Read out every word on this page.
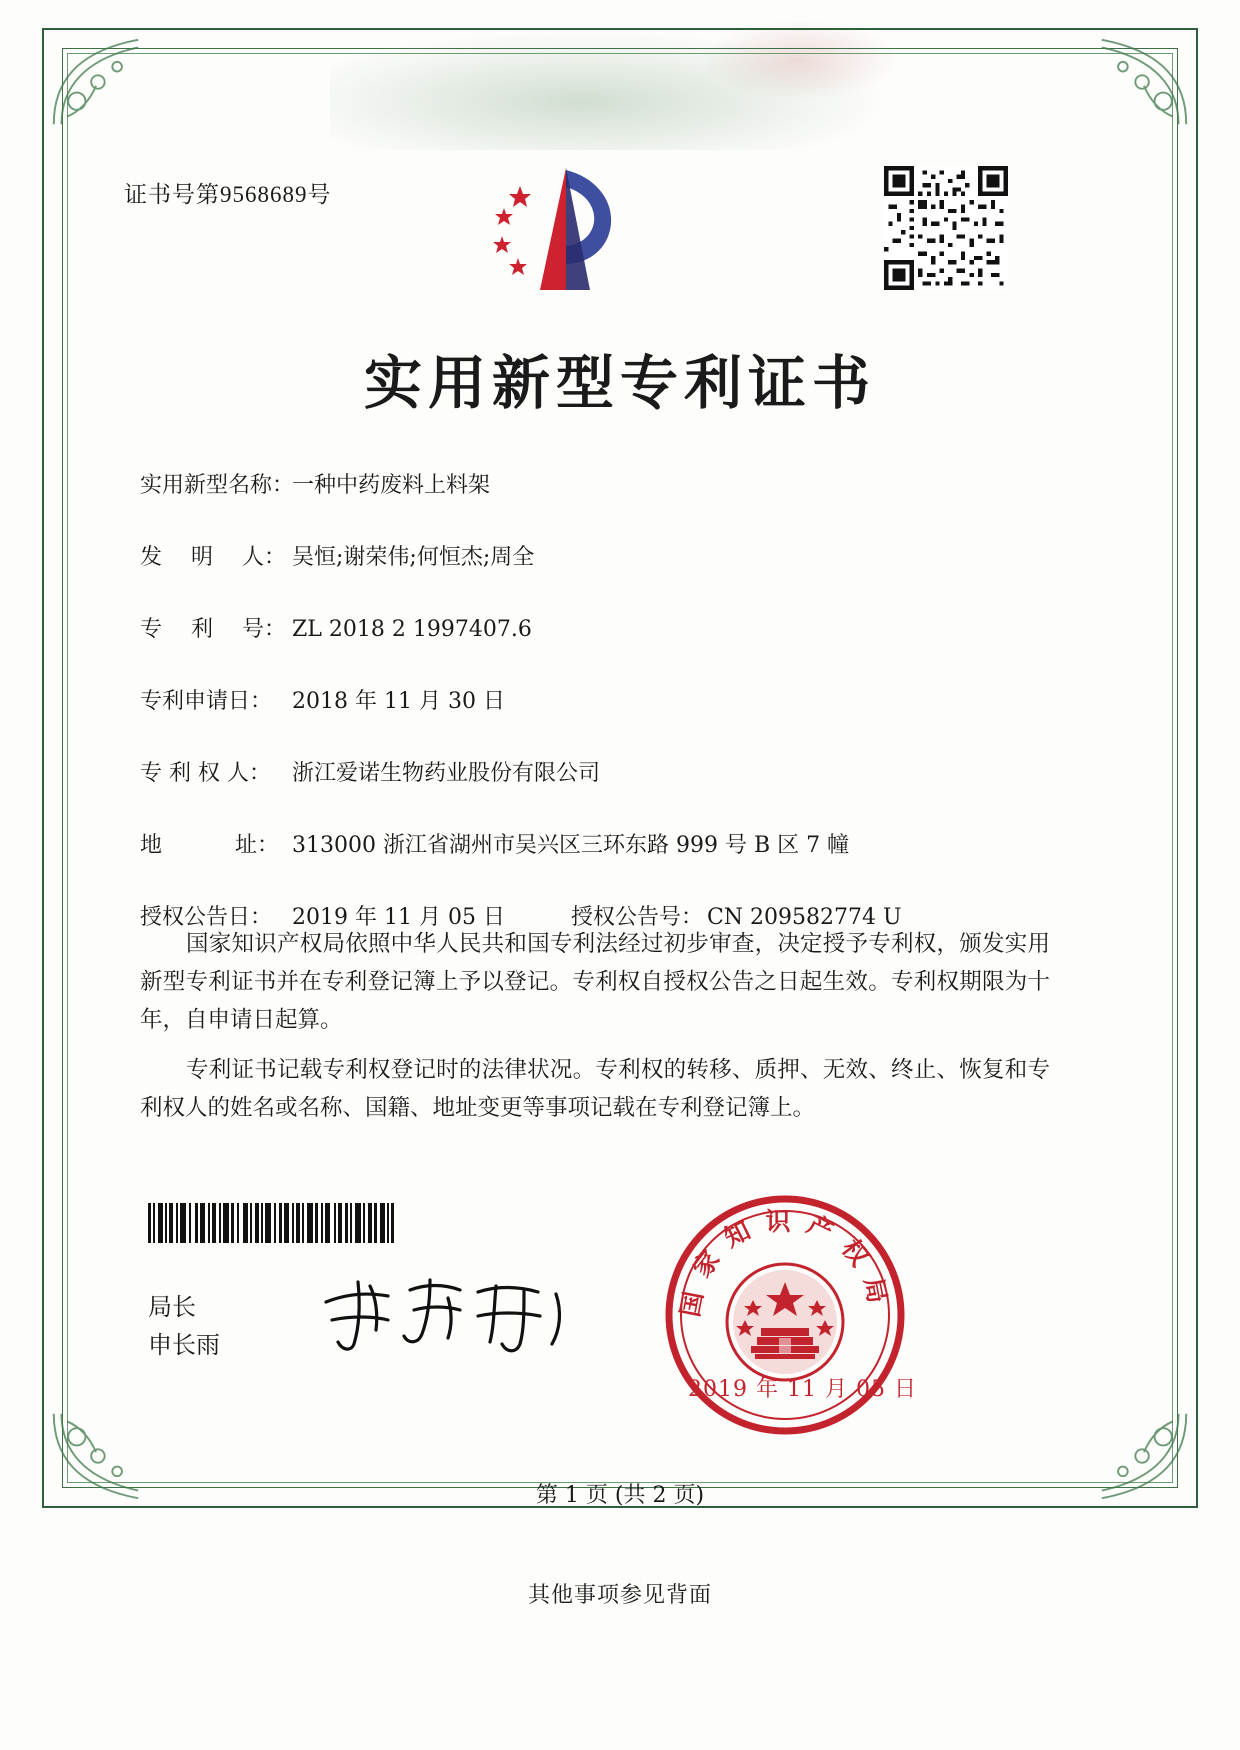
证书号第9568689号
实用新型专利证书
实用新型名称：
一种中药废料上料架
发　 明　 人： 吴恒;谢荣伟;何恒杰;周全
专　 利　 号： ZL 2018 2 1997407.6
专利申请日： 2018 年 11 月 30 日
专 利 权 人： 浙江爱诺生物药业股份有限公司
地　　 　址： 313000 浙江省湖州市吴兴区三环东路 999 号 B 区 7 幢
授权公告日： 2019 年 11 月 05 日	授权公告号： CN 209582774 U

国家知识产权局依照中华人民共和国专利法经过初步审查，决定授予专利权，颁发实用新型专利证书并在专利登记簿上予以登记。专利权自授权公告之日起生效。专利权期限为十年，自申请日起算。

专利证书记载专利权登记时的法律状况。专利权的转移、质押、无效、终止、恢复和专利权人的姓名或名称、国籍、地址变更等事项记载在专利登记簿上。

局长
申长雨
国家知识产权局
2019 年 11 月 05 日
第 1 页 (共 2 页)
其他事项参见背面
